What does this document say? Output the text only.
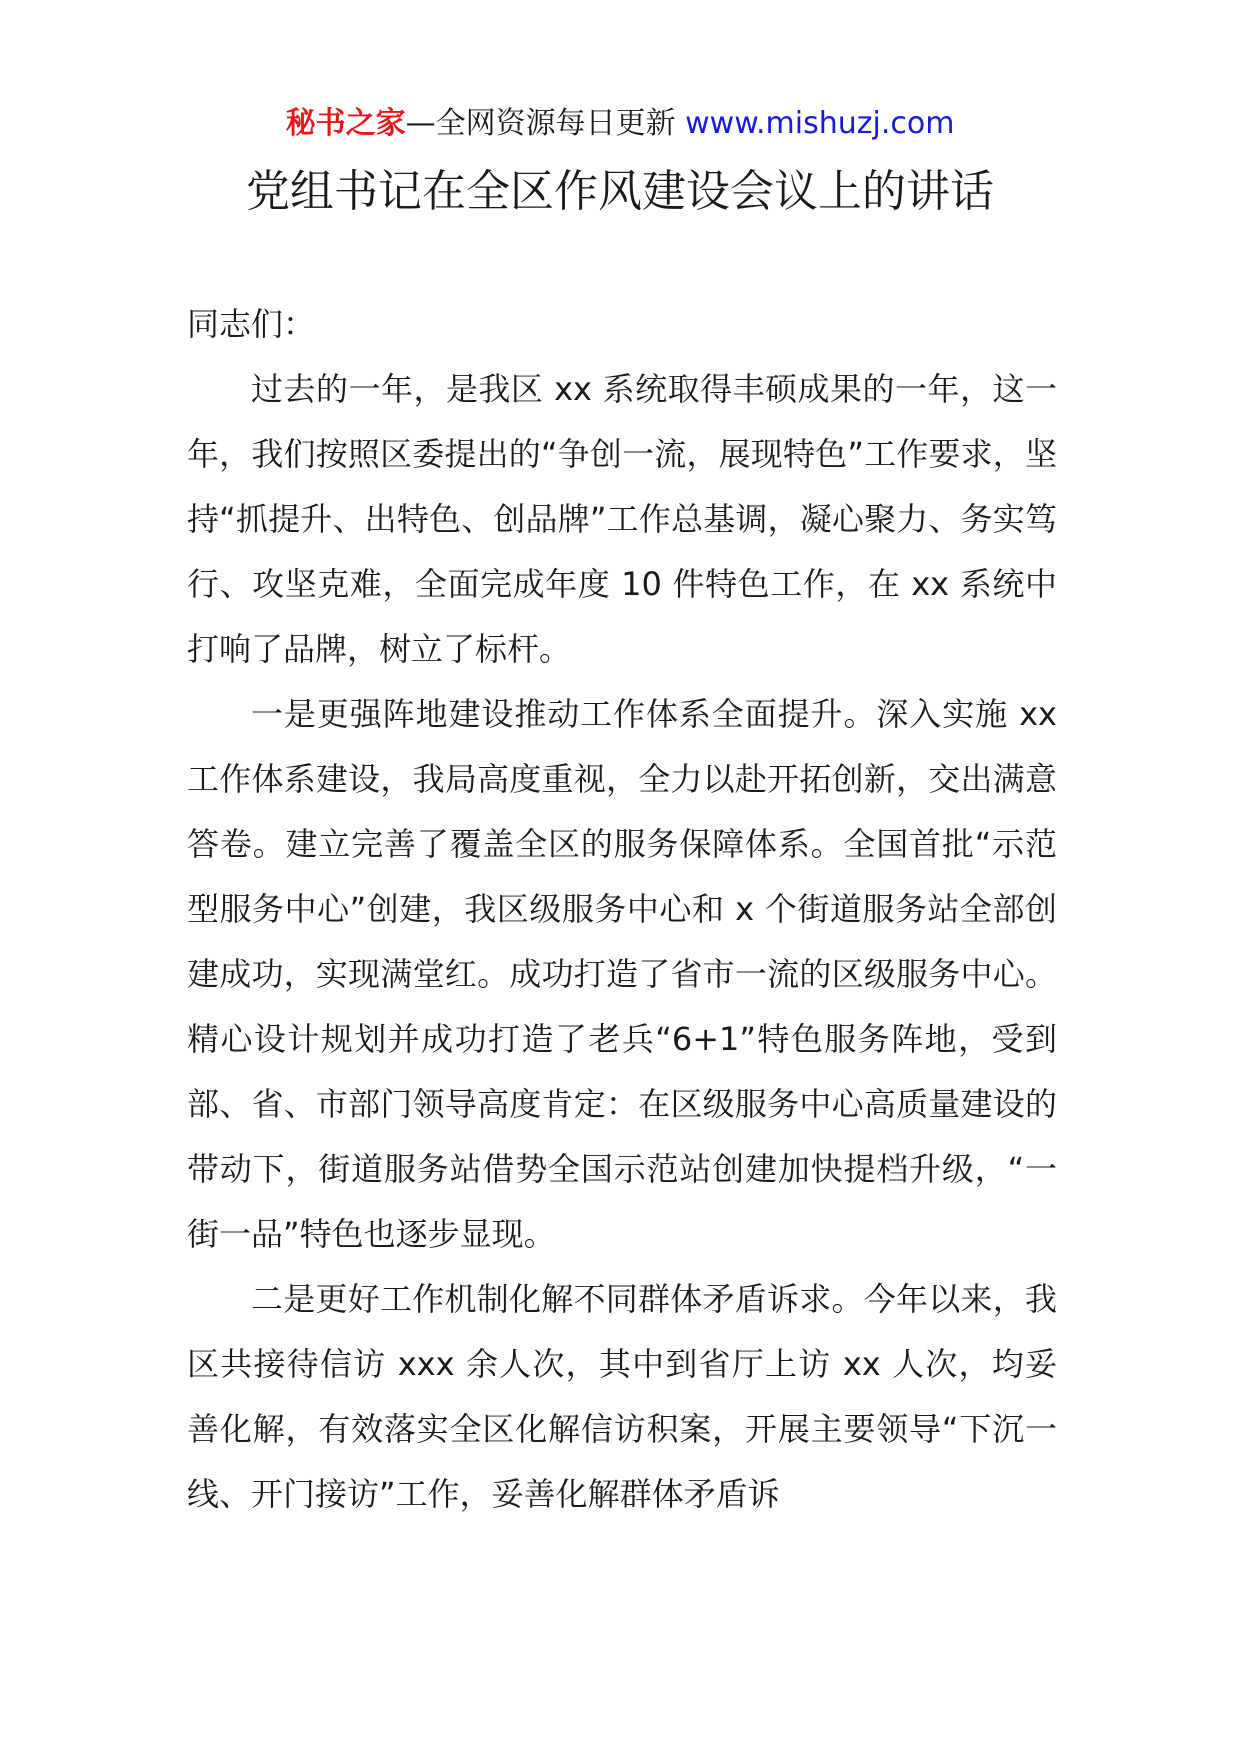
秘书之家—全网资源每日更新 www.mishuzj.com
党组书记在全区作风建设会议上的讲话

同志们：

过去的一年，是我区 xx 系统取得丰硕成果的一年，这一年，我们按照区委提出的“争创一流，展现特色”工作要求，坚持“抓提升、出特色、创品牌”工作总基调，凝心聚力、务实笃行、攻坚克难，全面完成年度 10 件特色工作，在 xx 系统中打响了品牌，树立了标杆。

一是更强阵地建设推动工作体系全面提升。深入实施 xx 工作体系建设，我局高度重视，全力以赴开拓创新，交出满意答卷。建立完善了覆盖全区的服务保障体系。全国首批“示范型服务中心”创建，我区级服务中心和 x 个街道服务站全部创建成功，实现满堂红。成功打造了省市一流的区级服务中心。精心设计规划并成功打造了老兵“6+1”特色服务阵地，受到部、省、市部门领导高度肯定：在区级服务中心高质量建设的带动下，街道服务站借势全国示范站创建加快提档升级，“一街一品”特色也逐步显现。

二是更好工作机制化解不同群体矛盾诉求。今年以来，我区共接待信访 xxx 余人次，其中到省厅上访 xx 人次，均妥善化解，有效落实全区化解信访积案，开展主要领导“下沉一线、开门接访”工作，妥善化解群体矛盾诉
